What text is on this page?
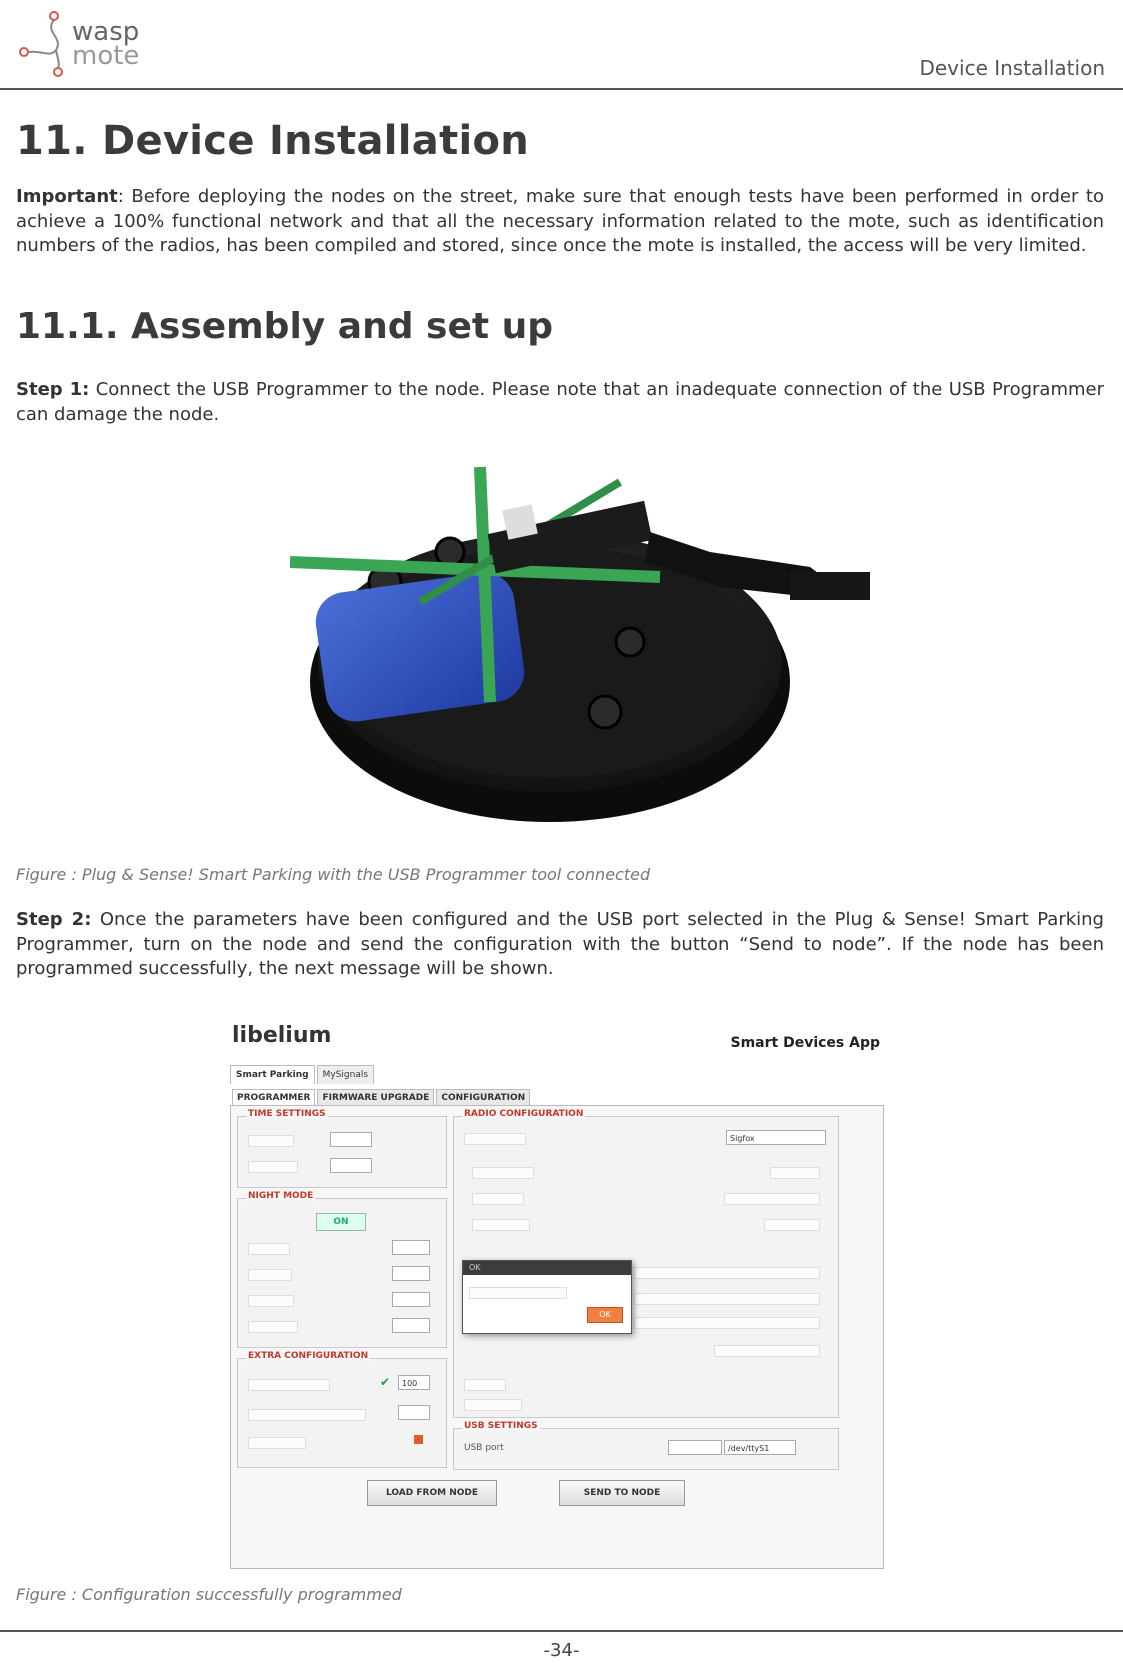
wasp
mote	Device Installation
11. Device Installation

Important: Before deploying the nodes on the street, make sure that enough tests have been performed in order to achieve a 100% functional network and that all the necessary information related to the mote, such as identification numbers of the radios, has been compiled and stored, since once the mote is installed, the access will be very limited.

11.1. Assembly and set up

Step 1: Connect the USB Programmer to the node. Please note that an inadequate connection of the USB Programmer can damage the node.

Figure : Plug & Sense! Smart Parking with the USB Programmer tool connected

Step 2: Once the parameters have been configured and the USB port selected in the Plug & Sense! Smart Parking Programmer, turn on the node and send the configuration with the button “Send to node”. If the node has been programmed successfully, the next message will be shown.

libelium	Smart Devices App
Smart Parking	MySignals
PROGRAMMER	FIRMWARE UPGRADE	CONFIGURATION
TIME SETTINGS
NIGHT MODE
ON
EXTRA CONFIGURATION
✔	100
RADIO CONFIGURATION
Sigfox
USB SETTINGS
USB port	/dev/ttyS1
LOAD FROM NODE	SEND TO NODE
OK
OK
Figure : Configuration successfully programmed
-34-
